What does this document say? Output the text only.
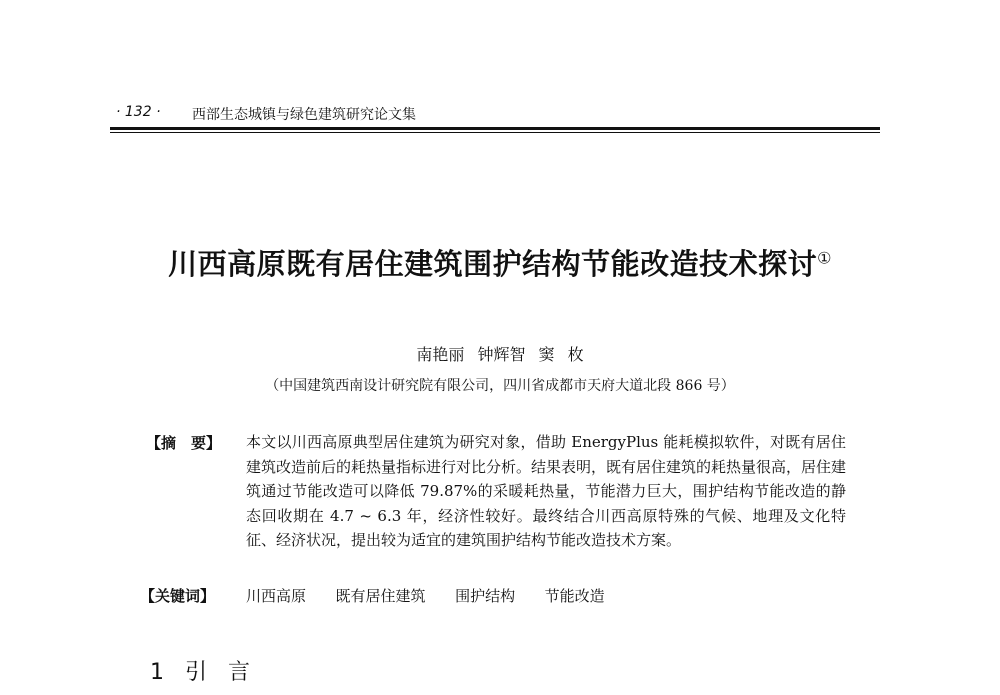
· 132 · 西部生态城镇与绿色建筑研究论文集
川西高原既有居住建筑围护结构节能改造技术探讨①
南艳丽 钟辉智 窦 枚
（中国建筑西南设计研究院有限公司，四川省成都市天府大道北段 866 号）
【摘　要】 本文以川西高原典型居住建筑为研究对象，借助 EnergyPlus 能耗模拟软件，对既有居住建筑改造前后的耗热量指标进行对比分析。结果表明，既有居住建筑的耗热量很高，居住建筑通过节能改造可以降低 79.87%的采暖耗热量，节能潜力巨大，围护结构节能改造的静态回收期在 4.7 ~ 6.3 年，经济性较好。最终结合川西高原特殊的气候、地理及文化特征、经济状况，提出较为适宜的建筑围护结构节能改造技术方案。
【关键词】 川西高原  既有居住建筑  围护结构  节能改造
1 引 言
